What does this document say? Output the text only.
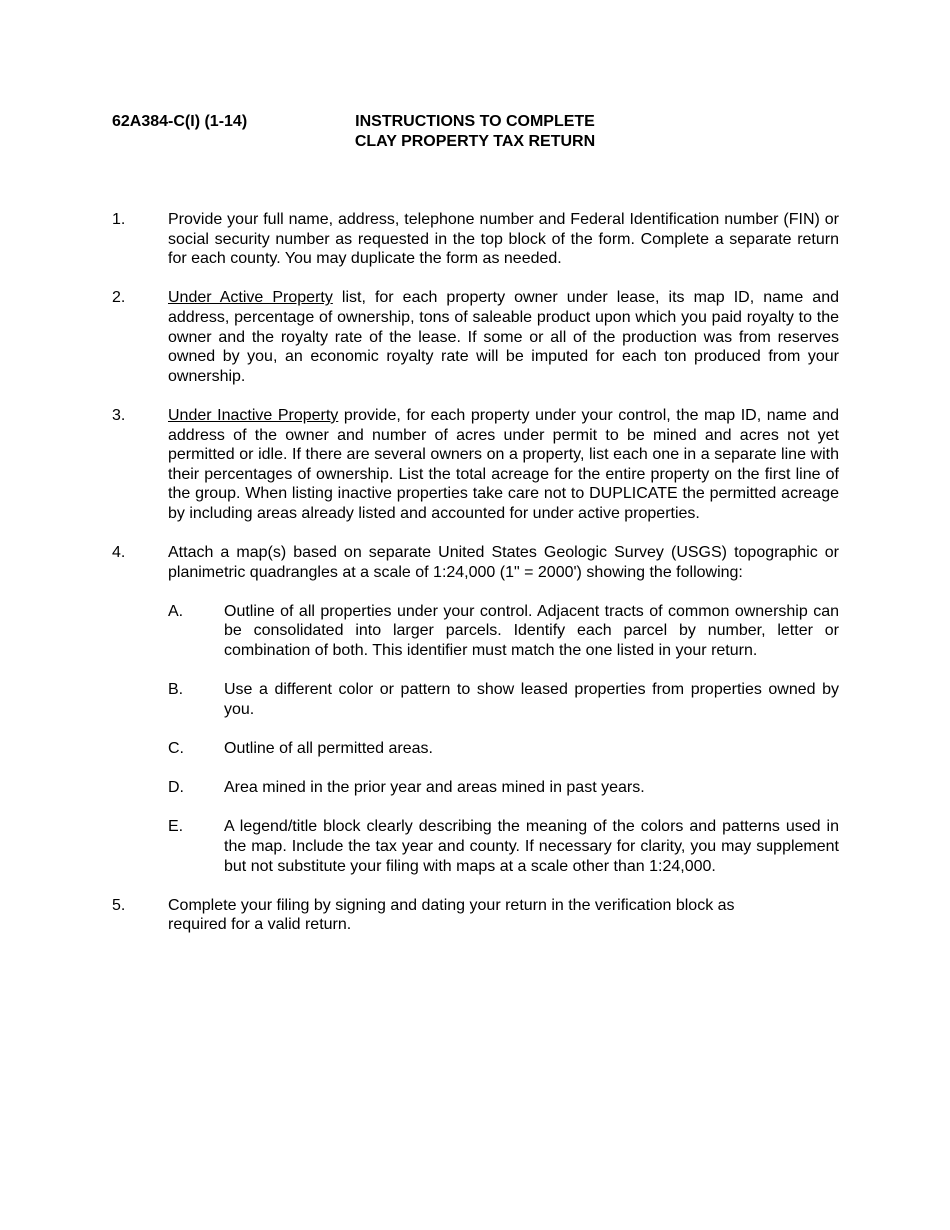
62A384-C(I) (1-14)	INSTRUCTIONS TO COMPLETE
CLAY PROPERTY TAX RETURN
1.	Provide your full name, address, telephone number and Federal Identification number (FIN) or social security number as requested in the top block of the form. Complete a separate return for each county. You may duplicate the form as needed.
2.	Under Active Property list, for each property owner under lease, its map ID, name and address, percentage of ownership, tons of saleable product upon which you paid royalty to the owner and the royalty rate of the lease. If some or all of the production was from reserves owned by you, an economic royalty rate will be imputed for each ton produced from your ownership.
3.	Under Inactive Property provide, for each property under your control, the map ID, name and address of the owner and number of acres under permit to be mined and acres not yet permitted or idle. If there are several owners on a property, list each one in a separate line with their percentages of ownership. List the total acreage for the entire property on the first line of the group. When listing inactive properties take care not to DUPLICATE the permitted acreage by including areas already listed and accounted for under active properties.
4.	Attach a map(s) based on separate United States Geologic Survey (USGS) topographic or planimetric quadrangles at a scale of 1:24,000 (1" = 2000') showing the following:
A.	Outline of all properties under your control. Adjacent tracts of common ownership can be consolidated into larger parcels. Identify each parcel by number, letter or combination of both. This identifier must match the one listed in your return.
B.	Use a different color or pattern to show leased properties from properties owned by you.
C.	Outline of all permitted areas.
D.	Area mined in the prior year and areas mined in past years.
E.	A legend/title block clearly describing the meaning of the colors and patterns used in the map. Include the tax year and county. If necessary for clarity, you may supplement but not substitute your filing with maps at a scale other than 1:24,000.
5.	Complete your filing by signing and dating your return in the verification block as required for a valid return.
